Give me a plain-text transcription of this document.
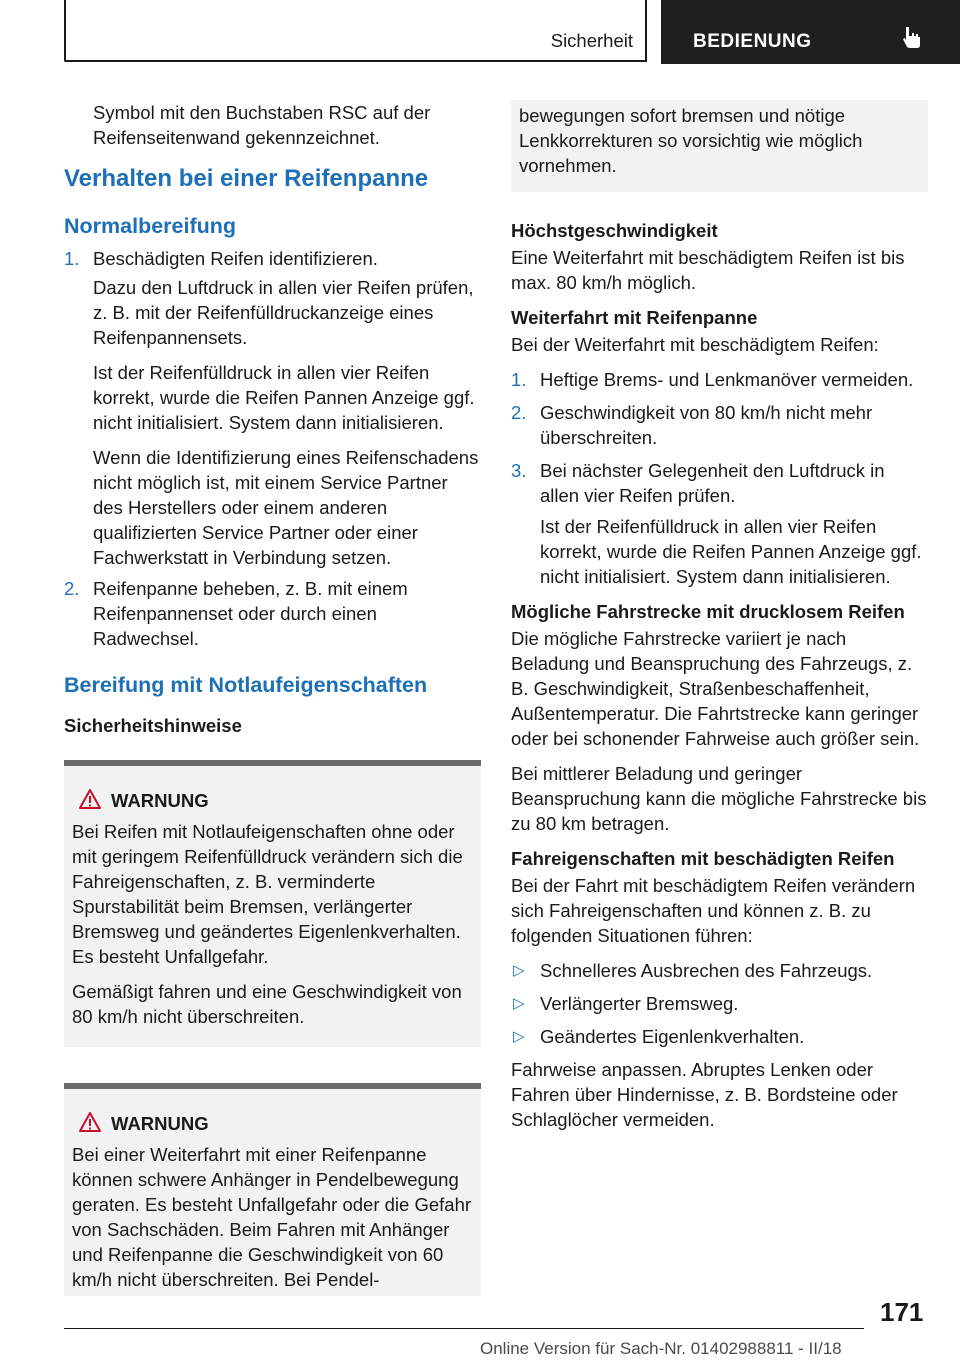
Sicherheit	BEDIENUNG

Symbol mit den Buchstaben RSC auf der Reifenseitenwand gekennzeichnet.

Verhalten bei einer Reifenpanne
Normalbereifung
1. Beschädigten Reifen identifizieren.

Dazu den Luftdruck in allen vier Reifen prüfen, z. B. mit der Reifenfülldruckanzeige eines Reifenpannensets.

Ist der Reifenfülldruck in allen vier Reifen korrekt, wurde die Reifen Pannen Anzeige ggf. nicht initialisiert. System dann initialisieren.

Wenn die Identifizierung eines Reifenschadens nicht möglich ist, mit einem Service Partner des Herstellers oder einem anderen qualifizierten Service Partner oder einer Fachwerkstatt in Verbindung setzen.

2. Reifenpanne beheben, z. B. mit einem Reifenpannenset oder durch einen Radwechsel.
Bereifung mit Notlaufeigenschaften
Sicherheitshinweise
WARNUNG

Bei Reifen mit Notlaufeigenschaften ohne oder mit geringem Reifenfülldruck verändern sich die Fahreigenschaften, z. B. verminderte Spurstabilität beim Bremsen, verlängerter Bremsweg und geändertes Eigenlenkverhalten. Es besteht Unfallgefahr.

Gemäßigt fahren und eine Geschwindigkeit von 80 km/h nicht überschreiten.

WARNUNG

Bei einer Weiterfahrt mit einer Reifenpanne können schwere Anhänger in Pendelbewegung geraten. Es besteht Unfallgefahr oder die Gefahr von Sachschäden. Beim Fahren mit Anhänger und Reifenpanne die Geschwindigkeit von 60 km/h nicht überschreiten. Bei Pendel-

bewegungen sofort bremsen und nötige Lenkkorrekturen so vorsichtig wie möglich vornehmen.

Höchstgeschwindigkeit

Eine Weiterfahrt mit beschädigtem Reifen ist bis max. 80 km/h möglich.

Weiterfahrt mit Reifenpanne

Bei der Weiterfahrt mit beschädigtem Reifen:

1. Heftige Brems- und Lenkmanöver vermeiden.
2. Geschwindigkeit von 80 km/h nicht mehr überschreiten.
3. Bei nächster Gelegenheit den Luftdruck in allen vier Reifen prüfen.

Ist der Reifenfülldruck in allen vier Reifen korrekt, wurde die Reifen Pannen Anzeige ggf. nicht initialisiert. System dann initialisieren.

Mögliche Fahrstrecke mit drucklosem Reifen

Die mögliche Fahrstrecke variiert je nach Beladung und Beanspruchung des Fahrzeugs, z. B. Geschwindigkeit, Straßenbeschaffenheit, Außentemperatur. Die Fahrtstrecke kann geringer oder bei schonender Fahrweise auch größer sein.

Bei mittlerer Beladung und geringer Beanspruchung kann die mögliche Fahrstrecke bis zu 80 km betragen.

Fahreigenschaften mit beschädigten Reifen

Bei der Fahrt mit beschädigtem Reifen verändern sich Fahreigenschaften und können z. B. zu folgenden Situationen führen:

▷ Schnelleres Ausbrechen des Fahrzeugs.
▷ Verlängerter Bremsweg.
▷ Geändertes Eigenlenkverhalten.

Fahrweise anpassen. Abruptes Lenken oder Fahren über Hindernisse, z. B. Bordsteine oder Schlaglöcher vermeiden.

171
Online Version für Sach-Nr. 01402988811 - II/18
